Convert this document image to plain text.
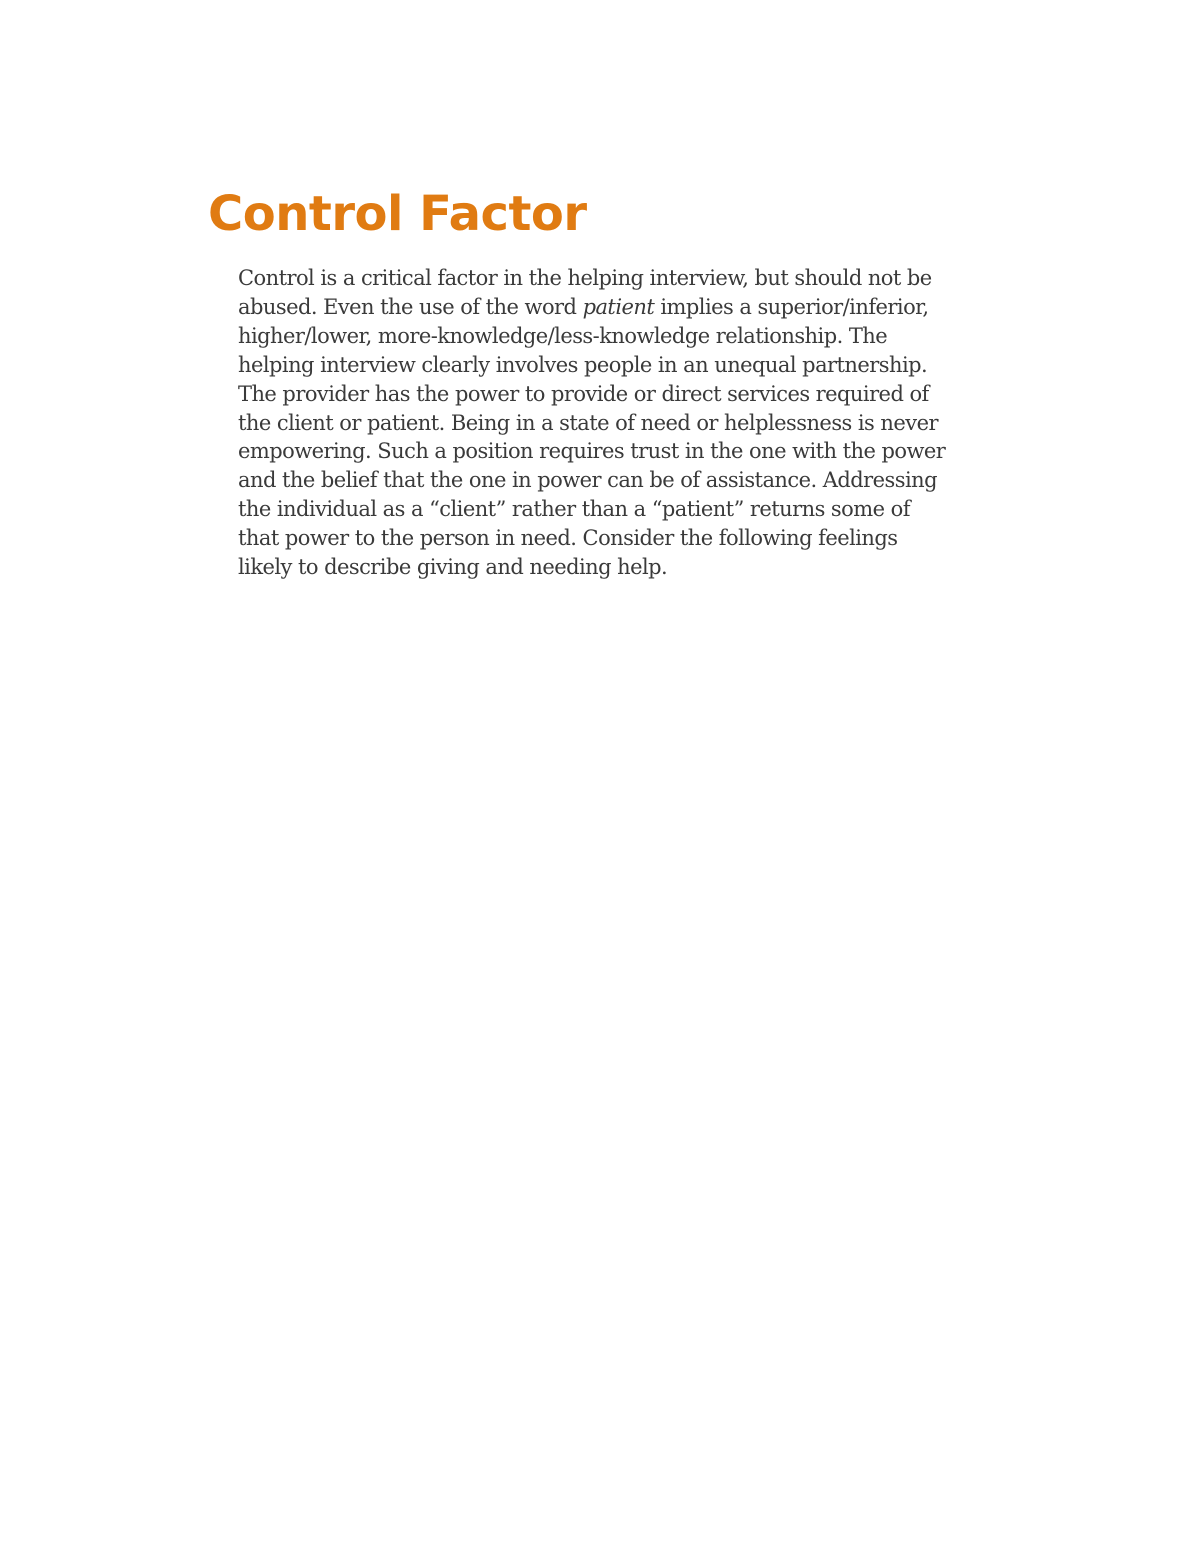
Control Factor
Control is a critical factor in the helping interview, but should not be
abused. Even the use of the word patient implies a superior/inferior,
higher/lower, more-knowledge/less-knowledge relationship. The
helping interview clearly involves people in an unequal partnership.
The provider has the power to provide or direct services required of
the client or patient. Being in a state of need or helplessness is never
empowering. Such a position requires trust in the one with the power
and the belief that the one in power can be of assistance. Addressing
the individual as a “client” rather than a “patient” returns some of
that power to the person in need. Consider the following feelings
likely to describe giving and needing help.
